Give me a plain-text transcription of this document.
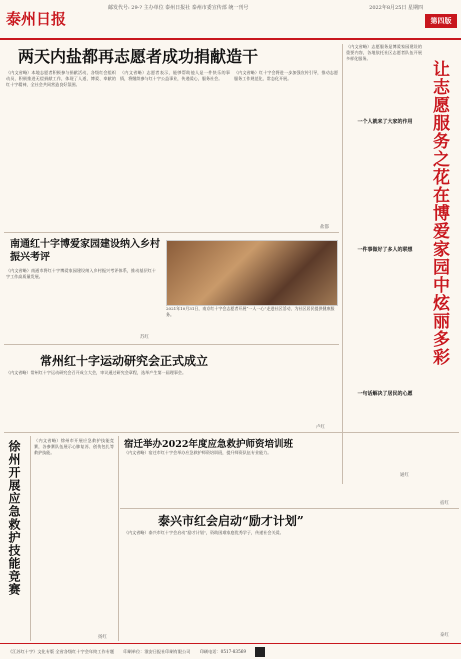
泰州日报
邮发代号: 29-? 主办单位 泰州日报社 泰州市委宣传部 统一刊号	2022年8月25日 星期四
第四版
两天内盐都再志愿者成功捐献造干
（内文省略）本地志愿者积极参与捐献活动，各级红会组织动员，积极推进无偿捐献工作，体现了人道、博爱、奉献的红十字精神，全社会共同营造良好氛围。
（内文省略）志愿者表示，能够帮助他人是一件快乐的事情，将继续参与红十字公益事业，传递爱心，服务社会。
（内文省略）红十字会将进一步加强宣传引导，推动志愿服务工作规范化、常态化开展。
盐都	让志愿服务之花在博爱家园中炫丽多彩
（内文省略）志愿服务是博爱家园建设的重要内容，各地依托社区志愿者队伍开展多样化服务。
一个人就来了大家的作用
一件事做好了多人的联想
一句话解决了居民的心愿
通红
南通红十字博爱家园建设纳入乡村振兴考评
（内文省略）南通市将红十字博爱家园建设纳入乡村振兴考评体系，推动基层红十字工作高质量发展。
苏红
2021年10月31日，南京红十字会志愿者开展“一人一心”走进社区活动，为社区居民提供健康服务。
常州红十字运动研究会正式成立
（内文省略）常州红十字运动研究会召开成立大会，审议通过研究会章程，选举产生第一届理事会。
卢红
徐州开展应急救护技能竞赛	（内文省略）徐州市开展应急救护技能竞赛，各参赛队伍展示心肺复苏、创伤包扎等救护技能。
扬红
宿迁举办2022年度应急救护师资培训班
（内文省略）宿迁市红十字会举办应急救护师资培训班，提升师资队伍专业能力。
宿红
泰兴市红会启动“励才计划”
（内文省略）泰兴市红十字会启动“励才计划”，资助困难家庭优秀学子，传递社会关爱。
泰红
《江苏红十字》文化专版 全省各级红十字会年终工作专题 印刷单位：淮安日报社印刷有限公司 印刷电话：0517-83569
